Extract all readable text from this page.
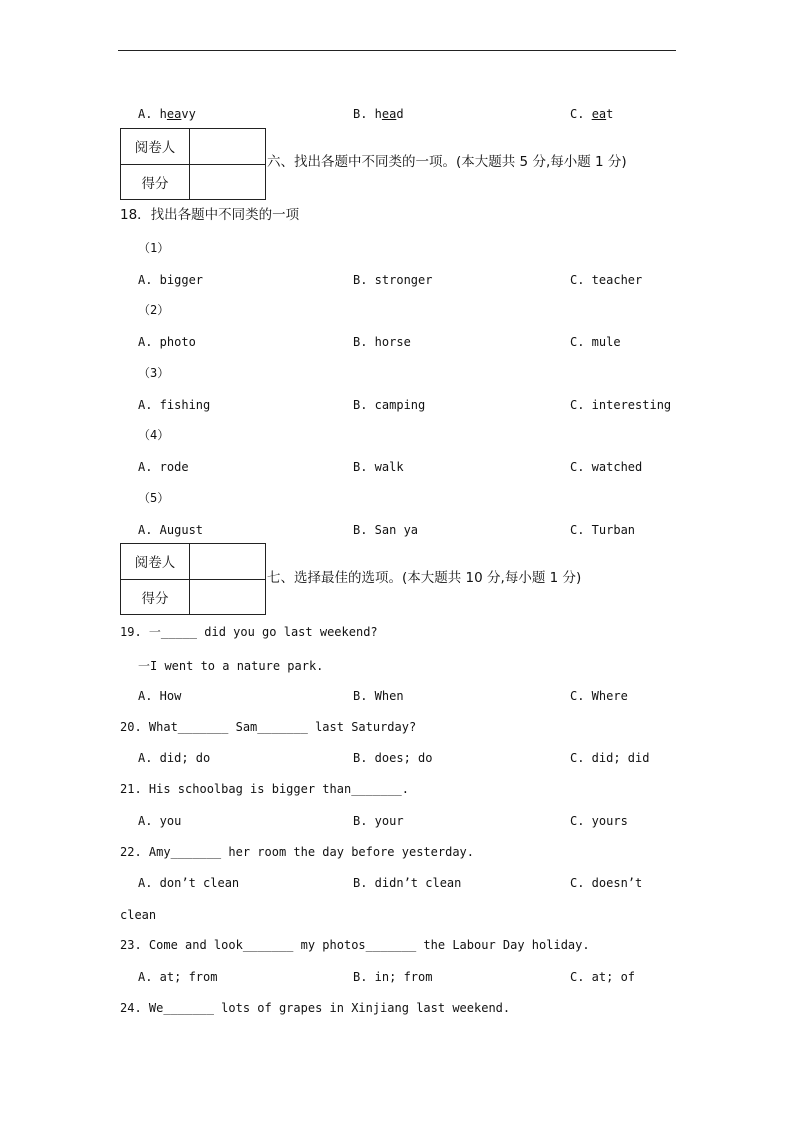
A. heavy	B. head	C. eat
阅卷人	
得分	
六、找出各题中不同类的一项。(本大题共 5 分,每小题 1 分)
18．找出各题中不同类的一项
（1）
A. bigger	B. stronger	C. teacher
（2）
A. photo	B. horse	C. mule
（3）
A. fishing	B. camping	C. interesting
（4）
A. rode	B. walk	C. watched
（5）
A. August	B. San ya	C. Turban
阅卷人	
得分	
七、选择最佳的选项。(本大题共 10 分,每小题 1 分)
19. 一_____ did you go last weekend?
一I went to a nature park.
A. How	B. When	C. Where
20. What_______ Sam_______ last Saturday?
A. did; do	B. does; do	C. did; did
21. His schoolbag is bigger than_______.
A. you	B. your	C. yours
22. Amy_______ her room the day before yesterday.
A. don’t clean	B. didn’t clean	C. doesn’t
clean
23. Come and look_______ my photos_______ the Labour Day holiday.
A. at; from	B. in; from	C. at; of
24. We_______ lots of grapes in Xinjiang last weekend.
